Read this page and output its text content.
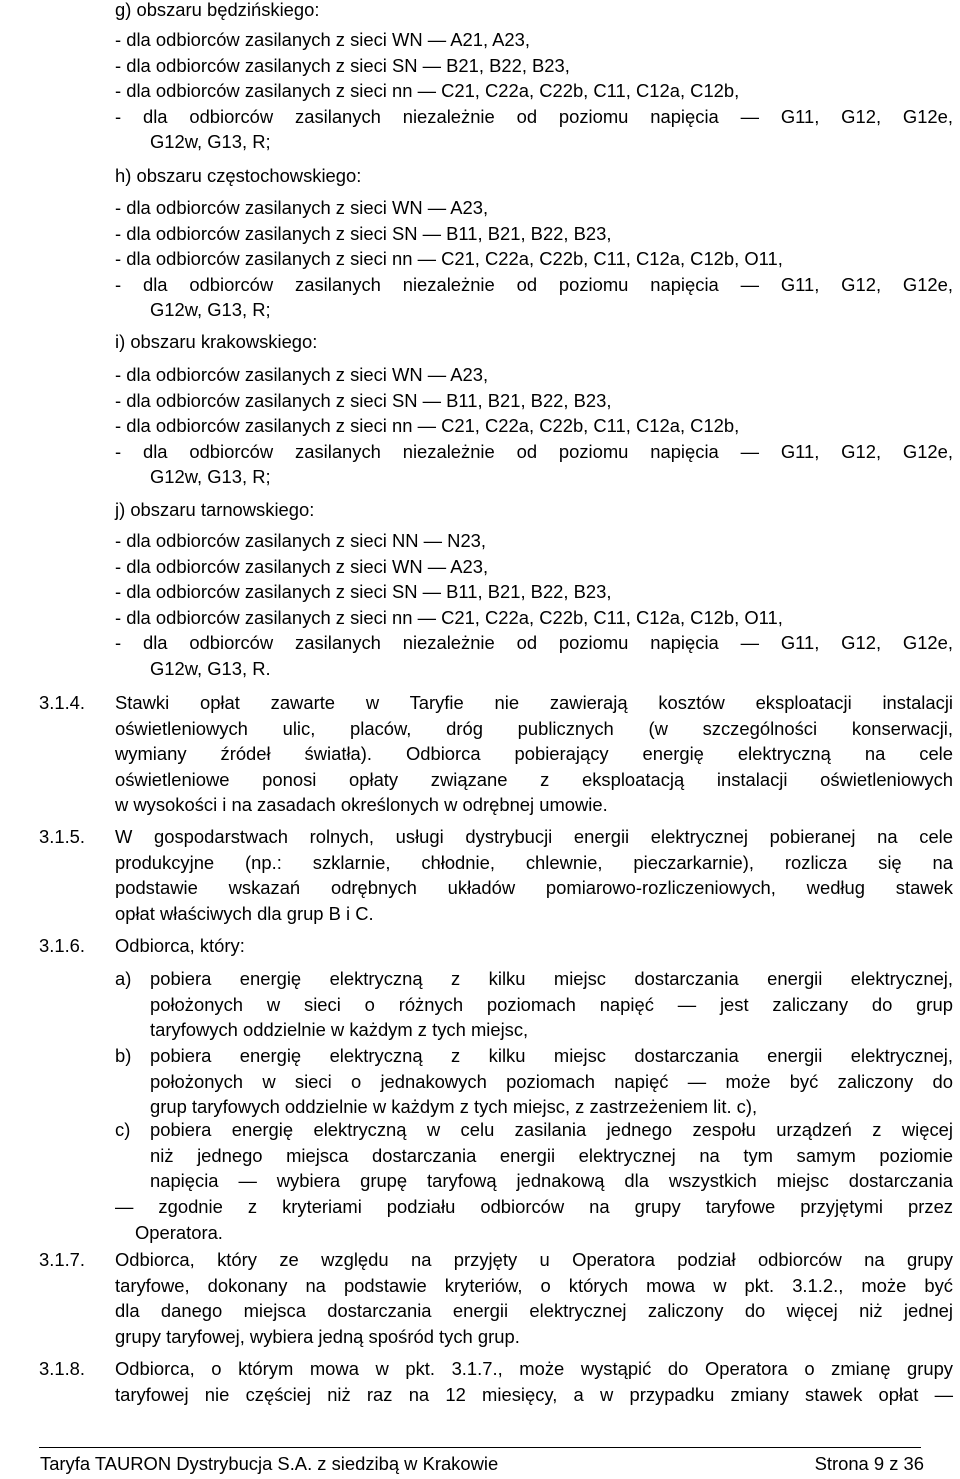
g) obszaru będzińskiego:
- dla odbiorców zasilanych z sieci WN — A21, A23,
- dla odbiorców zasilanych z sieci SN — B21, B22, B23,
- dla odbiorców zasilanych z sieci nn — C21, C22a, C22b, C11, C12a, C12b,
- dla odbiorców zasilanych niezależnie od poziomu napięcia — G11, G12, G12e,
G12w, G13, R;
h) obszaru częstochowskiego:
- dla odbiorców zasilanych z sieci WN — A23,
- dla odbiorców zasilanych z sieci SN — B11, B21, B22, B23,
- dla odbiorców zasilanych z sieci nn — C21, C22a, C22b, C11, C12a, C12b, O11,
- dla odbiorców zasilanych niezależnie od poziomu napięcia — G11, G12, G12e,
G12w, G13, R;
i) obszaru krakowskiego:
- dla odbiorców zasilanych z sieci WN — A23,
- dla odbiorców zasilanych z sieci SN — B11, B21, B22, B23,
- dla odbiorców zasilanych z sieci nn — C21, C22a, C22b, C11, C12a, C12b,
- dla odbiorców zasilanych niezależnie od poziomu napięcia — G11, G12, G12e,
G12w, G13, R;
j) obszaru tarnowskiego:
- dla odbiorców zasilanych z sieci NN — N23,
- dla odbiorców zasilanych z sieci WN — A23,
- dla odbiorców zasilanych z sieci SN — B11, B21, B22, B23,
- dla odbiorców zasilanych z sieci nn — C21, C22a, C22b, C11, C12a, C12b, O11,
- dla odbiorców zasilanych niezależnie od poziomu napięcia — G11, G12, G12e,
G12w, G13, R.
3.1.4. Stawki opłat zawarte w Taryfie nie zawierają kosztów eksploatacji instalacji
oświetleniowych ulic, placów, dróg publicznych (w szczególności konserwacji,
wymiany źródeł światła). Odbiorca pobierający energię elektryczną na cele
oświetleniowe ponosi opłaty związane z eksploatacją instalacji oświetleniowych
w wysokości i na zasadach określonych w odrębnej umowie.
3.1.5. W gospodarstwach rolnych, usługi dystrybucji energii elektrycznej pobieranej na cele
produkcyjne (np.: szklarnie, chłodnie, chlewnie, pieczarkarnie), rozlicza się na
podstawie wskazań odrębnych układów pomiarowo-rozliczeniowych, według stawek
opłat właściwych dla grup B i C.
3.1.6. Odbiorca, który:
a) pobiera energię elektryczną z kilku miejsc dostarczania energii elektrycznej,
położonych w sieci o różnych poziomach napięć — jest zaliczany do grup
taryfowych oddzielnie w każdym z tych miejsc,
b) pobiera energię elektryczną z kilku miejsc dostarczania energii elektrycznej,
położonych w sieci o jednakowych poziomach napięć — może być zaliczony do
grup taryfowych oddzielnie w każdym z tych miejsc, z zastrzeżeniem lit. c),
c) pobiera energię elektryczną w celu zasilania jednego zespołu urządzeń z więcej
niż jednego miejsca dostarczania energii elektrycznej na tym samym poziomie
napięcia — wybiera grupę taryfową jednakową dla wszystkich miejsc dostarczania
— zgodnie z kryteriami podziału odbiorców na grupy taryfowe przyjętymi przez
Operatora.
3.1.7. Odbiorca, który ze względu na przyjęty u Operatora podział odbiorców na grupy
taryfowe, dokonany na podstawie kryteriów, o których mowa w pkt. 3.1.2., może być
dla danego miejsca dostarczania energii elektrycznej zaliczony do więcej niż jednej
grupy taryfowej, wybiera jedną spośród tych grup.
3.1.8. Odbiorca, o którym mowa w pkt. 3.1.7., może wystąpić do Operatora o zmianę grupy
taryfowej nie częściej niż raz na 12 miesięcy, a w przypadku zmiany stawek opłat —
Taryfa TAURON Dystrybucja S.A. z siedzibą w Krakowie	Strona 9 z 36
